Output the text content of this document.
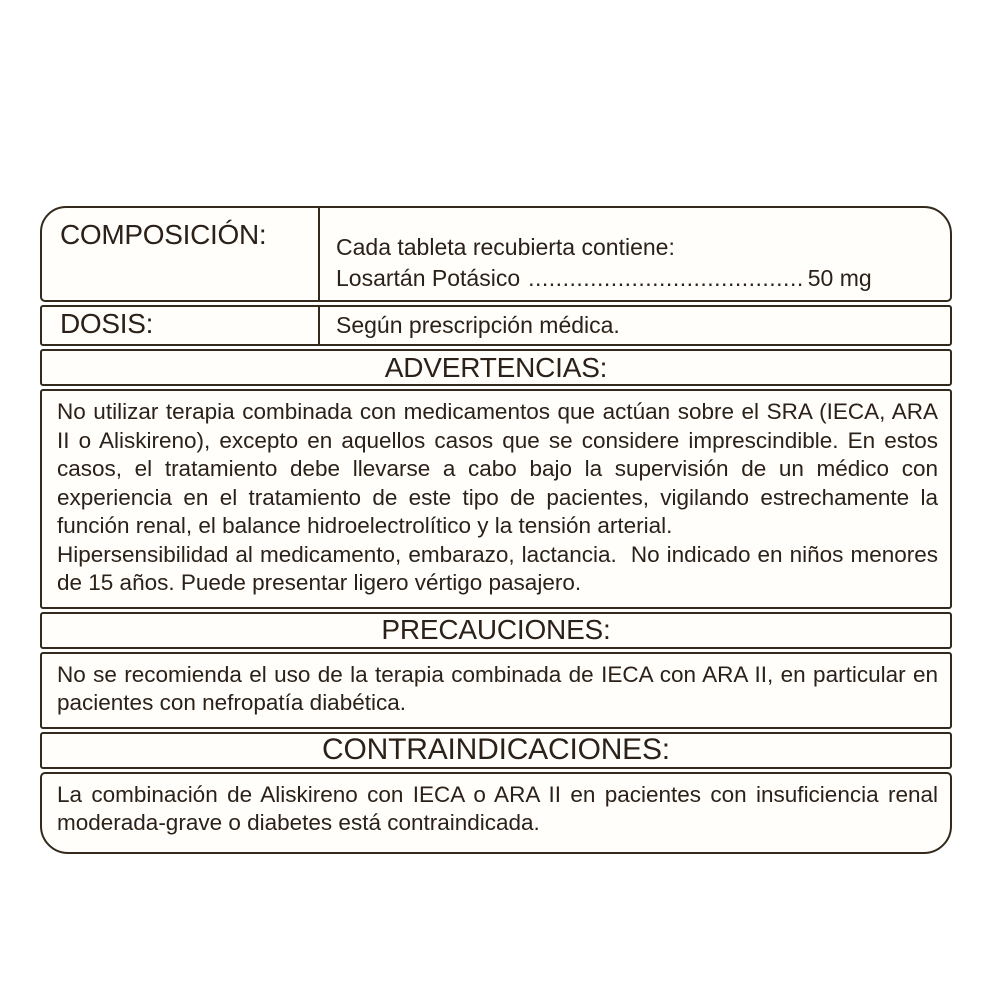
COMPOSICIÓN:	Cada tableta recubierta contiene:
Losartán Potásico ........................................ 50 mg
DOSIS:	Según prescripción médica.
ADVERTENCIAS:

No utilizar terapia combinada con medicamentos que actúan sobre el SRA (IECA, ARA II o Aliskireno), excepto en aquellos casos que se considere imprescindible. En estos casos, el tratamiento debe llevarse a cabo bajo la supervisión de un médico con experiencia en el tratamiento de este tipo de pacientes, vigilando estrechamente la función renal, el balance hidroelectrolítico y la tensión arterial.

Hipersensibilidad al medicamento, embarazo, lactancia.  No indicado en niños menores de 15 años. Puede presentar ligero vértigo pasajero.

PRECAUCIONES:

No se recomienda el uso de la terapia combinada de IECA con ARA II, en particular en pacientes con nefropatía diabética.

CONTRAINDICACIONES:

La combinación de Aliskireno con IECA o ARA II en pacientes con insuficiencia renal moderada-grave o diabetes está contraindicada.
